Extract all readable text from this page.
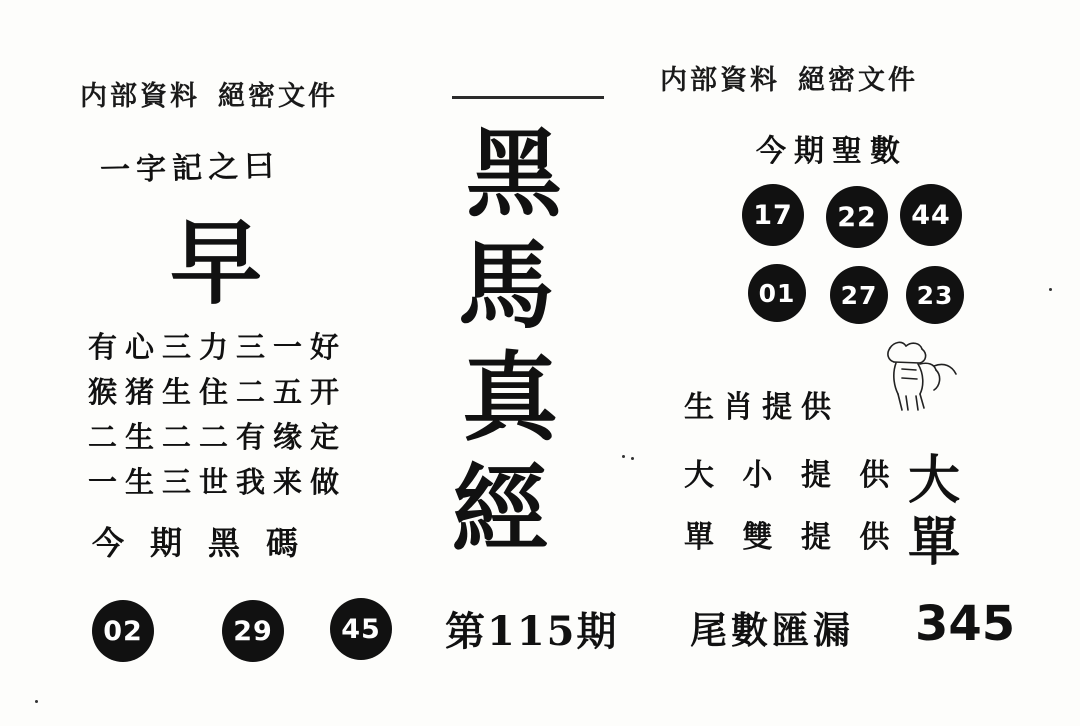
内部資料 絕密文件
内部資料 絕密文件
一字記之曰
早
有心三力三一好
猴猪生住二五开
二生二二有缘定
一生三世我来做
今期黑碼
02	29	45
黑
馬
真
經
第115期 尾數匯漏 345
今期聖數
17	22	44
01	27	23
生肖提供
大 小 提 供
單 雙 提 供
大
單
